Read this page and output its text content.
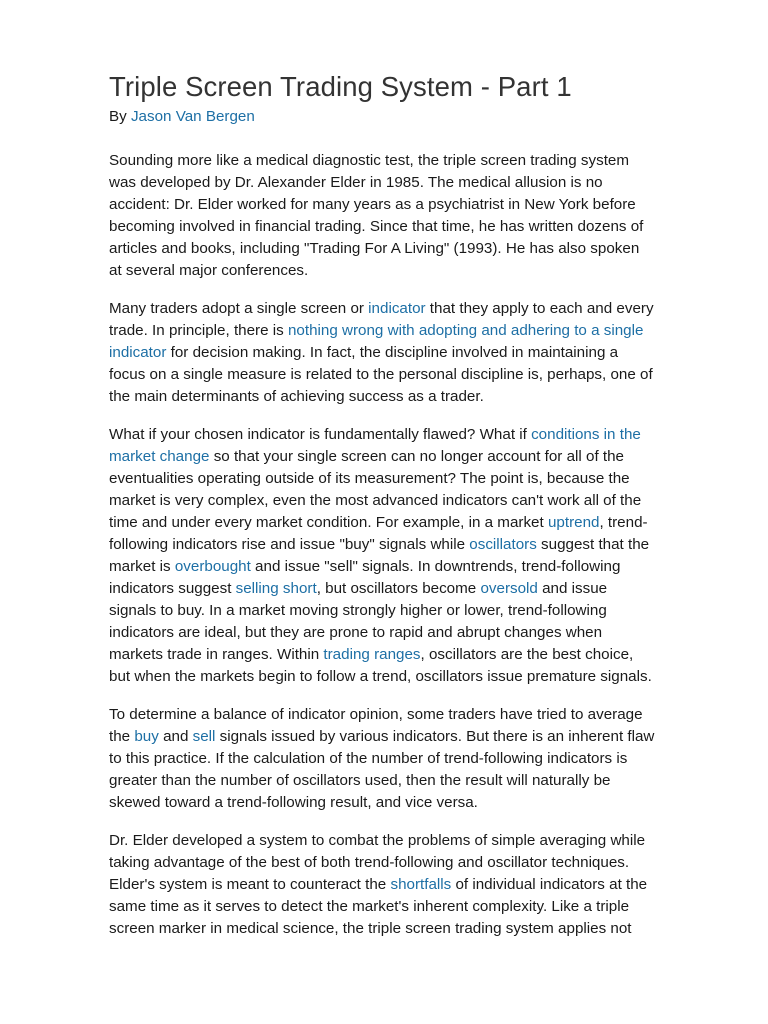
Triple Screen Trading System - Part 1
By Jason Van Bergen

Sounding more like a medical diagnostic test, the triple screen trading system
was developed by Dr. Alexander Elder in 1985. The medical allusion is no
accident: Dr. Elder worked for many years as a psychiatrist in New York before
becoming involved in financial trading. Since that time, he has written dozens of
articles and books, including "Trading For A Living" (1993). He has also spoken
at several major conferences.

Many traders adopt a single screen or indicator that they apply to each and every
trade. In principle, there is nothing wrong with adopting and adhering to a single
indicator for decision making. In fact, the discipline involved in maintaining a
focus on a single measure is related to the personal discipline is, perhaps, one of
the main determinants of achieving success as a trader.

What if your chosen indicator is fundamentally flawed? What if conditions in the
market change so that your single screen can no longer account for all of the
eventualities operating outside of its measurement? The point is, because the
market is very complex, even the most advanced indicators can't work all of the
time and under every market condition. For example, in a market uptrend, trend-
following indicators rise and issue "buy" signals while oscillators suggest that the
market is overbought and issue "sell" signals. In downtrends, trend-following
indicators suggest selling short, but oscillators become oversold and issue
signals to buy. In a market moving strongly higher or lower, trend-following
indicators are ideal, but they are prone to rapid and abrupt changes when
markets trade in ranges. Within trading ranges, oscillators are the best choice,
but when the markets begin to follow a trend, oscillators issue premature signals.

To determine a balance of indicator opinion, some traders have tried to average
the buy and sell signals issued by various indicators. But there is an inherent flaw
to this practice. If the calculation of the number of trend-following indicators is
greater than the number of oscillators used, then the result will naturally be
skewed toward a trend-following result, and vice versa.

Dr. Elder developed a system to combat the problems of simple averaging while
taking advantage of the best of both trend-following and oscillator techniques.
Elder's system is meant to counteract the shortfalls of individual indicators at the
same time as it serves to detect the market's inherent complexity. Like a triple
screen marker in medical science, the triple screen trading system applies not
